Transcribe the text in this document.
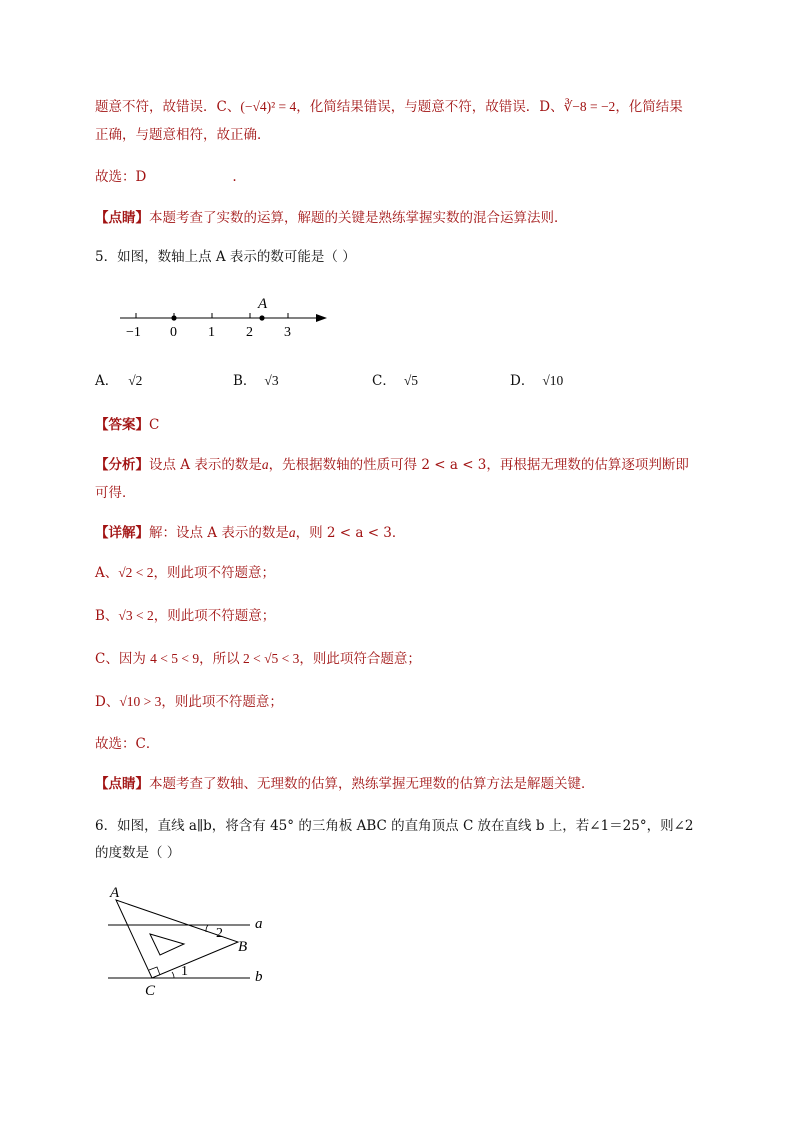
题意不符，故错误．C、(−√4)² = 4，化简结果错误，与题意不符，故错误．D、∛−8 = −2，化简结果
正确，与题意相符，故正确．
故选：D	.
【点睛】本题考查了实数的运算，解题的关键是熟练掌握实数的混合运算法则．
5．如图，数轴上点 A 表示的数可能是（ ）
A
−1 0 1 2 3
A． √2	B． √3	C． √5	D． √10
【答案】C
【分析】设点 A 表示的数是a，先根据数轴的性质可得 2 < a < 3，再根据无理数的估算逐项判断即
可得．
【详解】解：设点 A 表示的数是a，则 2 < a < 3．
A、√2 < 2，则此项不符题意；
B、√3 < 2，则此项不符题意；
C、因为 4 < 5 < 9，所以 2 < √5 < 3，则此项符合题意；
D、√10 > 3，则此项不符题意；
故选：C．
【点睛】本题考查了数轴、无理数的估算，熟练掌握无理数的估算方法是解题关键．
6．如图，直线 a∥b，将含有 45° 的三角板 ABC 的直角顶点 C 放在直线 b 上，若∠1＝25°，则∠2
的度数是（ ）
A
B
C
a
b
1
2
